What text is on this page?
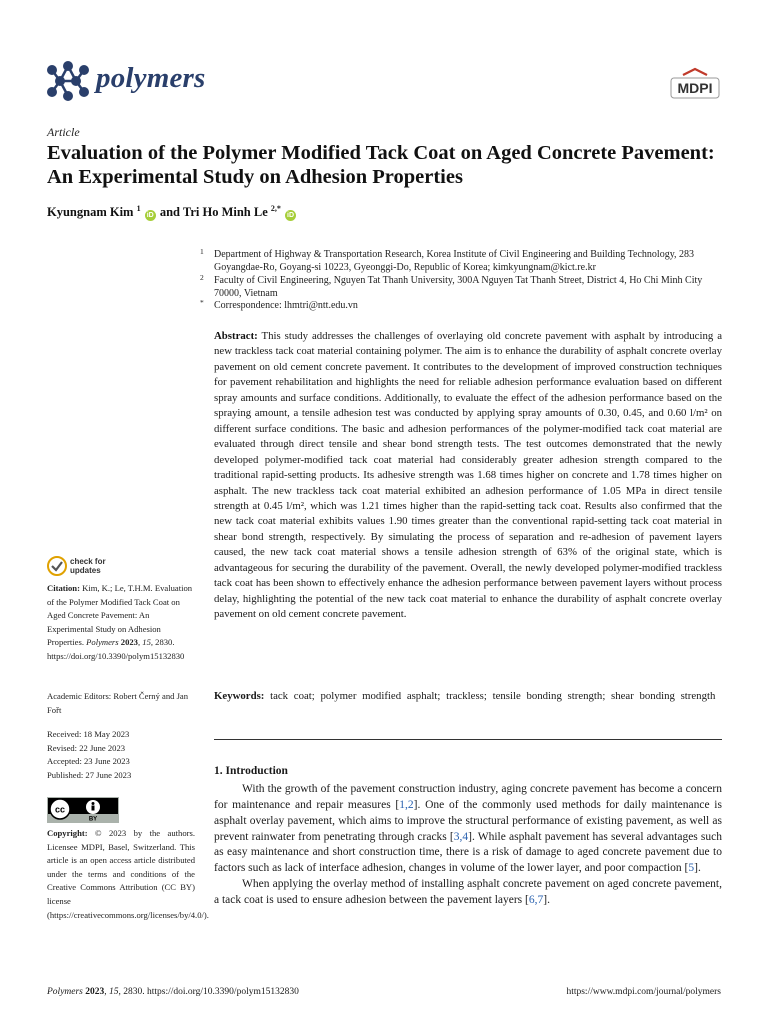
polymers	MDPI
Article
Evaluation of the Polymer Modified Tack Coat on Aged Concrete Pavement: An Experimental Study on Adhesion Properties
Kyungnam Kim $^1$ iD and Tri Ho Minh Le $^{2,*}$ iD
1 Department of Highway & Transportation Research, Korea Institute of Civil Engineering and Building Technology, 283 Goyangdae-Ro, Goyang-si 10223, Gyeonggi-Do, Republic of Korea; kimkyungnam@kict.re.kr
2 Faculty of Civil Engineering, Nguyen Tat Thanh University, 300A Nguyen Tat Thanh Street, District 4, Ho Chi Minh City 70000, Vietnam
* Correspondence: lhmtri@ntt.edu.vn
Abstract: This study addresses the challenges of overlaying old concrete pavement with asphalt by introducing a new trackless tack coat material containing polymer. The aim is to enhance the durability of asphalt concrete overlay pavement on old cement concrete pavement. It contributes to the development of improved construction techniques for pavement rehabilitation and highlights the need for reliable adhesion performance evaluation based on different spray amounts and surface conditions. Additionally, to evaluate the effect of the adhesion performance based on the spraying amount, a tensile adhesion test was conducted by applying spray amounts of 0.30, 0.45, and 0.60 l/m² on different surface conditions. The basic and adhesion performances of the polymer-modified tack coat material are evaluated through direct tensile and shear bond strength tests. The test outcomes demonstrated that the newly developed polymer-modified tack coat material had considerably greater adhesion strength compared to the traditional rapid-setting products. Its adhesive strength was 1.68 times higher on concrete and 1.78 times higher on asphalt. The new trackless tack coat material exhibited an adhesion performance of 1.05 MPa in direct tensile strength at 0.45 l/m², which was 1.21 times higher than the rapid-setting tack coat. Results also confirmed that the new tack coat material exhibits values 1.90 times greater than the conventional rapid-setting tack coat material in shear bond strength, respectively. By simulating the process of separation and re-adhesion of pavement layers caused, the new tack coat material shows a tensile adhesion strength of 63% of the original state, which is advantageous for securing the durability of the pavement. Overall, the newly developed polymer-modified trackless tack coat has been shown to effectively enhance the adhesion performance between pavement layers without process delay, highlighting the potential of the new tack coat material to enhance the durability of asphalt concrete overlay pavement on old cement concrete pavement.
Keywords: tack coat; polymer modified asphalt; trackless; tensile bonding strength; shear bonding strength
check for
updates
Citation: Kim, K.; Le, T.H.M. Evaluation of the Polymer Modified Tack Coat on Aged Concrete Pavement: An Experimental Study on Adhesion Properties. Polymers 2023, 15, 2830. https://doi.org/10.3390/polym15132830
Academic Editors: Robert Černý and Jan Fořt
Received: 18 May 2023
Revised: 22 June 2023
Accepted: 23 June 2023
Published: 27 June 2023
cc
BY
Copyright: © 2023 by the authors. Licensee MDPI, Basel, Switzerland. This article is an open access article distributed under the terms and conditions of the Creative Commons Attribution (CC BY) license (https://creativecommons.org/licenses/by/4.0/).
1. Introduction

With the growth of the pavement construction industry, aging concrete pavement has become a concern for maintenance and repair measures [1,2]. One of the commonly used methods for daily maintenance is asphalt overlay pavement, which aims to improve the structural performance of existing pavement, as well as prevent rainwater from penetrating through cracks [3,4]. While asphalt pavement has several advantages such as easy maintenance and short construction time, there is a risk of damage to aged concrete pavement due to factors such as lack of interface adhesion, changes in volume of the lower layer, and poor compaction [5].

When applying the overlay method of installing asphalt concrete pavement on aged concrete pavement, a tack coat is used to ensure adhesion between the pavement layers [6,7].

Polymers 2023, 15, 2830. https://doi.org/10.3390/polym15132830	https://www.mdpi.com/journal/polymers
